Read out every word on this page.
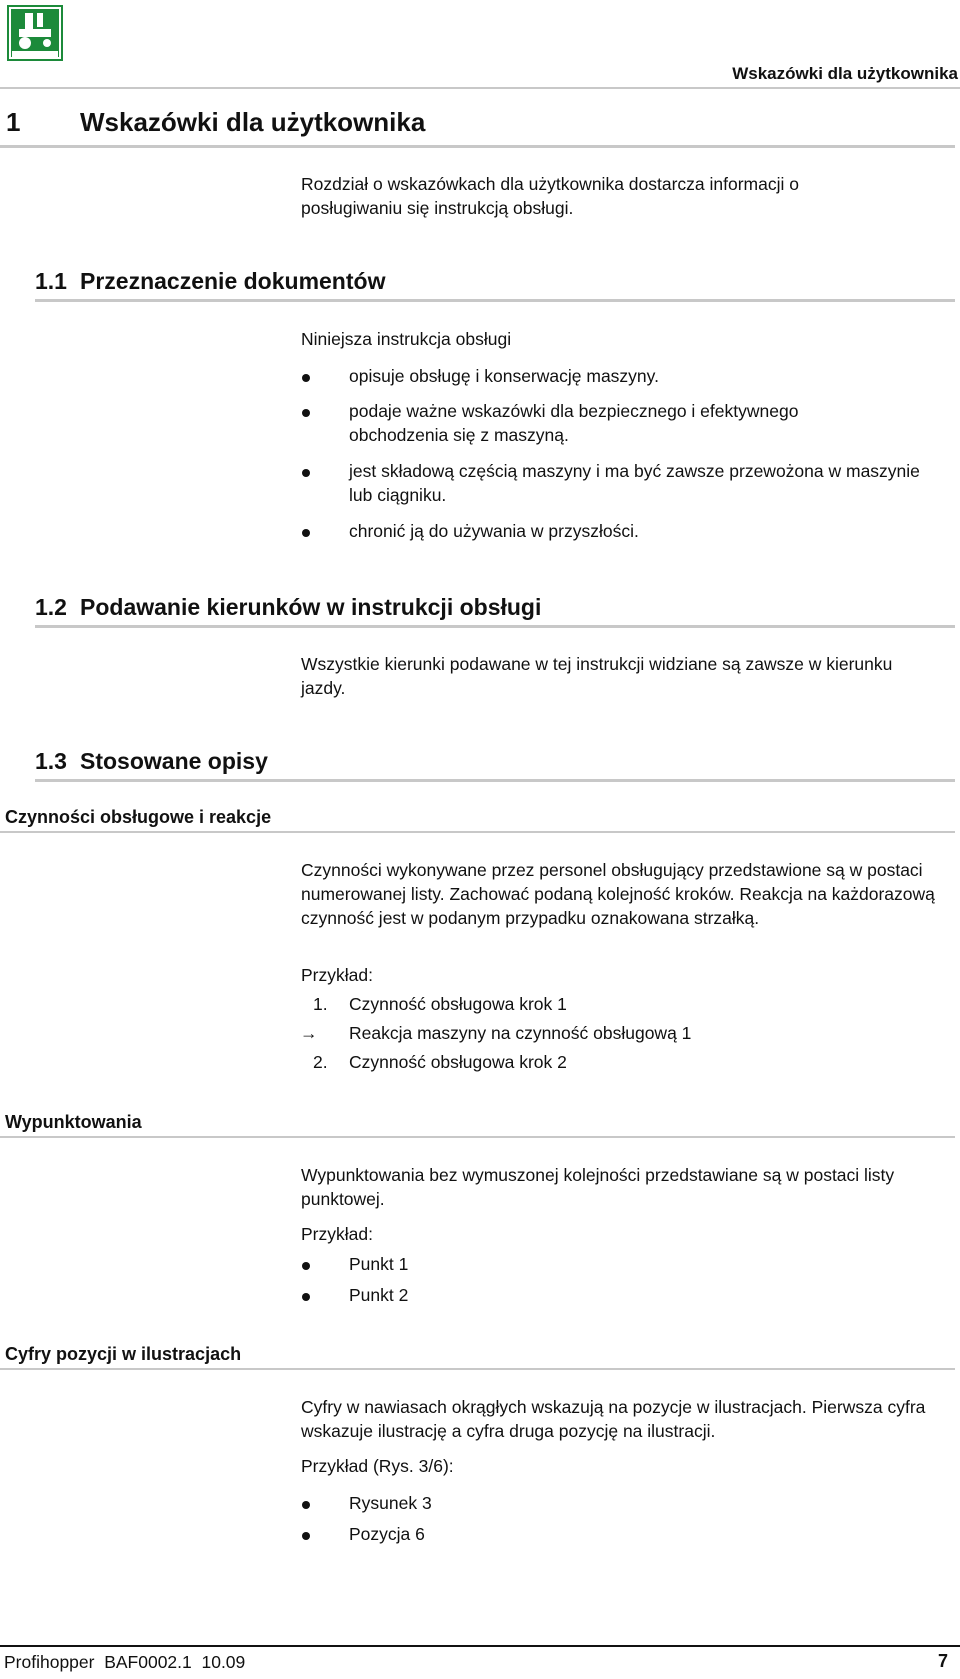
Wskazówki dla użytkownika
1 Wskazówki dla użytkownika
Rozdział o wskazówkach dla użytkownika dostarcza informacji o posługiwaniu się instrukcją obsługi.
1.1 Przeznaczenie dokumentów
Niniejsza instrukcja obsługi
opisuje obsługę i konserwację maszyny.
podaje ważne wskazówki dla bezpiecznego i efektywnego obchodzenia się z maszyną.
jest składową częścią maszyny i ma być zawsze przewożona w maszynie lub ciągniku.
chronić ją do używania w przyszłości.
1.2 Podawanie kierunków w instrukcji obsługi
Wszystkie kierunki podawane w tej instrukcji widziane są zawsze w kierunku jazdy.
1.3 Stosowane opisy
Czynności obsługowe i reakcje
Czynności wykonywane przez personel obsługujący przedstawione są w postaci numerowanej listy. Zachować podaną kolejność kroków. Reakcja na każdorazową czynność jest w podanym przypadku oznakowana strzałką.
Przykład:
1. Czynność obsługowa krok 1
→ Reakcja maszyny na czynność obsługową 1
2. Czynność obsługowa krok 2
Wypunktowania
Wypunktowania bez wymuszonej kolejności przedstawiane są w postaci listy punktowej.
Przykład:
Punkt 1
Punkt 2
Cyfry pozycji w ilustracjach
Cyfry w nawiasach okrągłych wskazują na pozycje w ilustracjach. Pierwsza cyfra wskazuje ilustrację a cyfra druga pozycję na ilustracji.
Przykład (Rys. 3/6):
Rysunek 3
Pozycja 6
Profihopper  BAF0002.1  10.09	7
